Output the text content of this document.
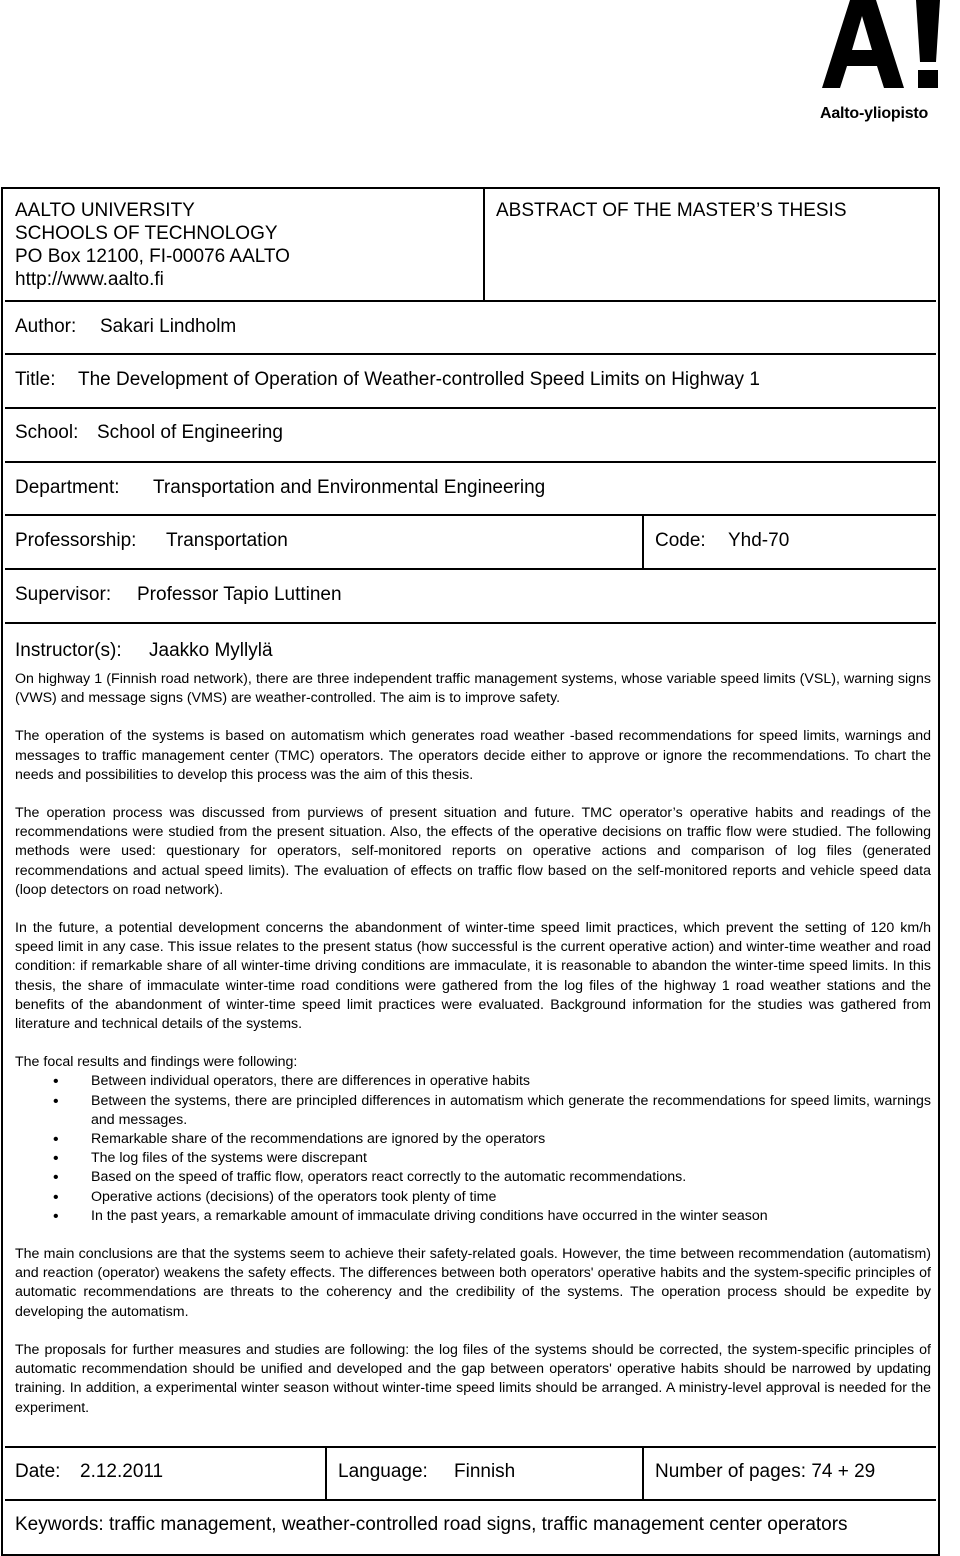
Aalto-yliopisto
AALTO UNIVERSITY
SCHOOLS OF TECHNOLOGY
PO Box 12100, FI-00076 AALTO
http://www.aalto.fi
ABSTRACT OF THE MASTER’S THESIS
Author: Sakari Lindholm
Title: The Development of Operation of Weather-controlled Speed Limits on Highway 1
School: School of Engineering
Department: Transportation and Environmental Engineering
Professorship: Transportation	Code: Yhd-70
Supervisor: Professor Tapio Luttinen
Instructor(s): Jaakko Myllylä

On highway 1 (Finnish road network), there are three independent traffic management systems, whose variable speed limits (VSL), warning signs (VWS) and message signs (VMS) are weather-controlled. The aim is to improve safety.

The operation of the systems is based on automatism which generates road weather -based recommendations for speed limits, warnings and messages to traffic management center (TMC) operators. The operators decide either to approve or ignore the recommendations. To chart the needs and possibilities to develop this process was the aim of this thesis.

The operation process was discussed from purviews of present situation and future. TMC operator’s operative habits and readings of the recommendations were studied from the present situation. Also, the effects of the operative decisions on traffic flow were studied. The following methods were used: questionary for operators, self-monitored reports on operative actions and comparison of log files (generated recommendations and actual speed limits). The evaluation of effects on traffic flow based on the self-monitored reports and vehicle speed data (loop detectors on road network).

In the future, a potential development concerns the abandonment of winter-time speed limit practices, which prevent the setting of 120 km/h speed limit in any case. This issue relates to the present status (how successful is the current operative action) and winter-time weather and road condition: if remarkable share of all winter-time driving conditions are immaculate, it is reasonable to abandon the winter-time speed limits. In this thesis, the share of immaculate winter-time road conditions were gathered from the log files of the highway 1 road weather stations and the benefits of the abandonment of winter-time speed limit practices were evaluated. Background information for the studies was gathered from literature and technical details of the systems.

The focal results and findings were following:
• Between individual operators, there are differences in operative habits
• Between the systems, there are principled differences in automatism which generate the recommendations for speed limits, warnings and messages.
• Remarkable share of the recommendations are ignored by the operators
• The log files of the systems were discrepant
• Based on the speed of traffic flow, operators react correctly to the automatic recommendations.
• Operative actions (decisions) of the operators took plenty of time
• In the past years, a remarkable amount of immaculate driving conditions have occurred in the winter season

The main conclusions are that the systems seem to achieve their safety-related goals. However, the time between recommendation (automatism) and reaction (operator) weakens the safety effects. The differences between both operators' operative habits and the system-specific principles of automatic recommendations are threats to the coherency and the credibility of the systems. The operation process should be expedite by developing the automatism.

The proposals for further measures and studies are following: the log files of the systems should be corrected, the system-specific principles of automatic recommendation should be unified and developed and the gap between operators' operative habits should be narrowed by updating training. In addition, a experimental winter season without winter-time speed limits should be arranged. A ministry-level approval is needed for the experiment.

Date: 2.12.2011	Language: Finnish	Number of pages: 74 + 29
Keywords: traffic management, weather-controlled road signs, traffic management center operators
